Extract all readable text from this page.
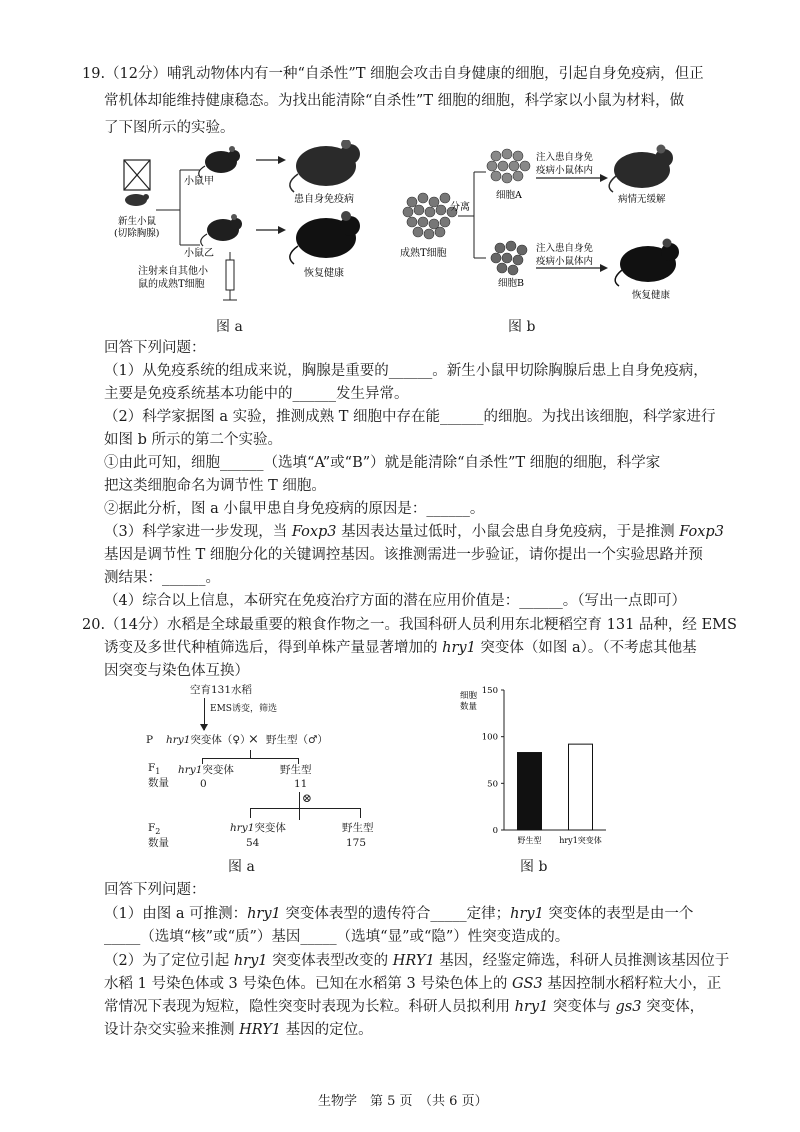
19.（12分）哺乳动物体内有一种“自杀性”T 细胞会攻击自身健康的细胞，引起自身免疫病，但正
常机体却能维持健康稳态。为找出能清除“自杀性”T 细胞的细胞，科学家以小鼠为材料，做
了下图所示的实验。
新生小鼠
(切除胸腺)
小鼠甲
小鼠乙
注射来自其他小
鼠的成熟T细胞
患自身免疫病
恢复健康
图 a
成熟T细胞
分离
细胞A
细胞B
注入患自身免
疫病小鼠体内
注入患自身免
疫病小鼠体内
病情无缓解
恢复健康
图 b
回答下列问题：
（1）从免疫系统的组成来说，胸腺是重要的______。新生小鼠甲切除胸腺后患上自身免疫病，
主要是免疫系统基本功能中的______发生异常。
（2）科学家据图 a 实验，推测成熟 T 细胞中存在能______的细胞。为找出该细胞，科学家进行
如图 b 所示的第二个实验。
①由此可知，细胞______（选填“A”或“B”）就是能清除“自杀性”T 细胞的细胞，科学家
把这类细胞命名为调节性 T 细胞。
②据此分析，图 a 小鼠甲患自身免疫病的原因是：______。
（3）科学家进一步发现，当 Foxp3 基因表达量过低时，小鼠会患自身免疫病，于是推测 Foxp3
基因是调节性 T 细胞分化的关键调控基因。该推测需进一步验证，请你提出一个实验思路并预
测结果：______。
（4）综合以上信息，本研究在免疫治疗方面的潜在应用价值是：______。（写出一点即可）
20.（14分）水稻是全球最重要的粮食作物之一。我国科研人员利用东北粳稻空育 131 品种，经 EMS
诱变及多世代种植筛选后，得到单株产量显著增加的 hry1 突变体（如图 a）。（不考虑其他基
因突变与染色体互换）
空育131水稻
EMS诱变，筛选
P hry1突变体（♀）
× 野生型（♂）
$F_1$
数量
hry1突变体
0
野生型
11
⊗
$F_2$
数量
hry1突变体
54
野生型
175
图 a
细胞
数量
0
50
100
150
野生型 hry1突变体
图 b
回答下列问题：
（1）由图 a 可推测：hry1 突变体表型的遗传符合_____定律；hry1 突变体的表型是由一个
_____（选填“核”或“质”）基因_____（选填“显”或“隐”）性突变造成的。
（2）为了定位引起 hry1 突变体表型改变的 HRY1 基因，经鉴定筛选，科研人员推测该基因位于
水稻 1 号染色体或 3 号染色体。已知在水稻第 3 号染色体上的 GS3 基因控制水稻籽粒大小，正
常情况下表现为短粒，隐性突变时表现为长粒。科研人员拟利用 hry1 突变体与 gs3 突变体，
设计杂交实验来推测 HRY1 基因的定位。
生物学　第 5 页　（共 6 页）
